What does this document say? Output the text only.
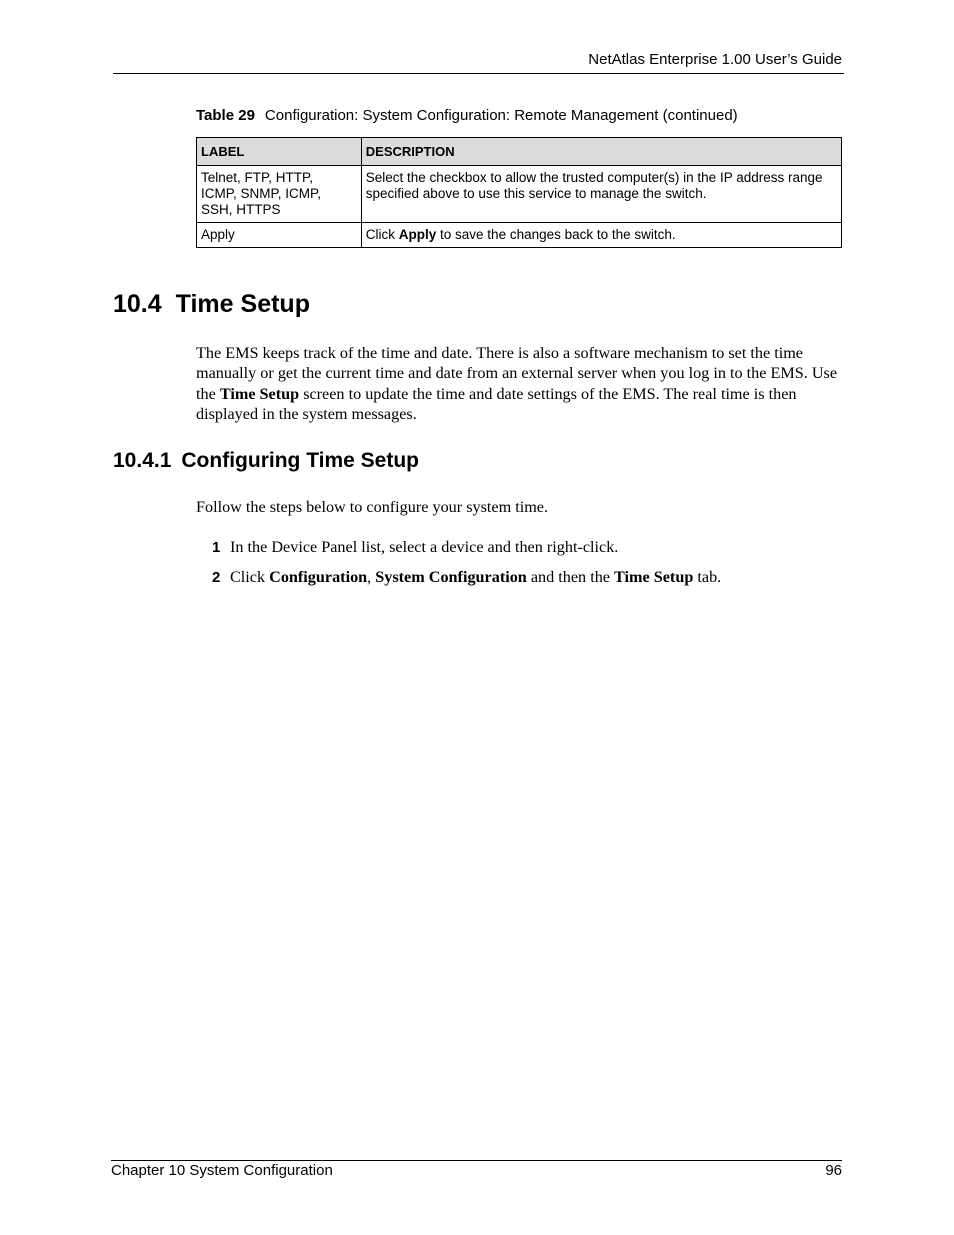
NetAtlas Enterprise 1.00 User’s Guide
Table 29 Configuration: System Configuration: Remote Management (continued)
LABEL	DESCRIPTION
Telnet, FTP, HTTP,
ICMP, SNMP, ICMP,
SSH, HTTPS	Select the checkbox to allow the trusted computer(s) in the IP address range specified above to use this service to manage the switch.
Apply	Click Apply to save the changes back to the switch.
10.4 Time Setup
The EMS keeps track of the time and date. There is also a software mechanism to set the time manually or get the current time and date from an external server when you log in to the EMS. Use the Time Setup screen to update the time and date settings of the EMS. The real time is then displayed in the system messages.
10.4.1 Configuring Time Setup
Follow the steps below to configure your system time.
1 In the Device Panel list, select a device and then right-click.
2 Click Configuration, System Configuration and then the Time Setup tab.
Chapter 10 System Configuration	96
